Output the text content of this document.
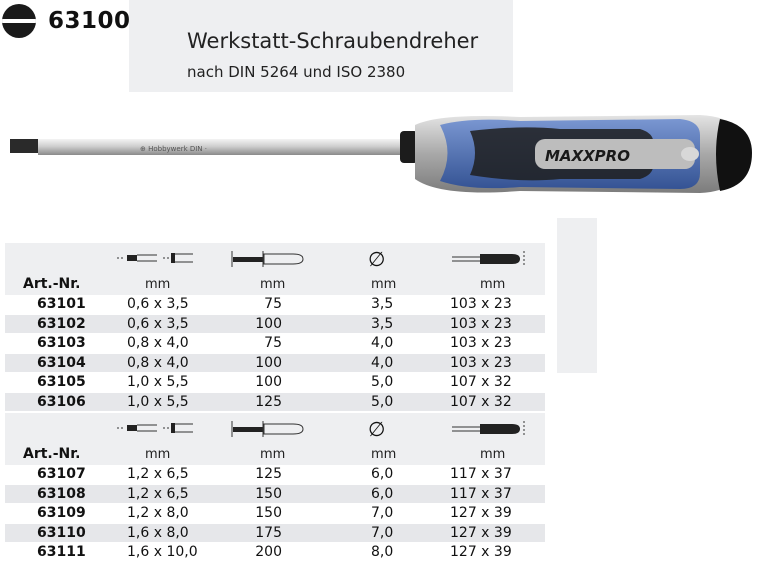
63100
Werkstatt-Schraubendreher
nach DIN 5264 und ISO 2380
⊕ Hobbywerk DIN ·	MAXXPRO
∅
Art.-Nr.	mm	mm	mm	mm
63101	0,6 x 3,5	75	3,5	103 x 23
63102	0,6 x 3,5	100	3,5	103 x 23
63103	0,8 x 4,0	75	4,0	103 x 23
63104	0,8 x 4,0	100	4,0	103 x 23
63105	1,0 x 5,5	100	5,0	107 x 32
63106	1,0 x 5,5	125	5,0	107 x 32
∅
Art.-Nr.	mm	mm	mm	mm
63107	1,2 x 6,5	125	6,0	117 x 37
63108	1,2 x 6,5	150	6,0	117 x 37
63109	1,2 x 8,0	150	7,0	127 x 39
63110	1,6 x 8,0	175	7,0	127 x 39
63111	1,6 x 10,0	200	8,0	127 x 39
